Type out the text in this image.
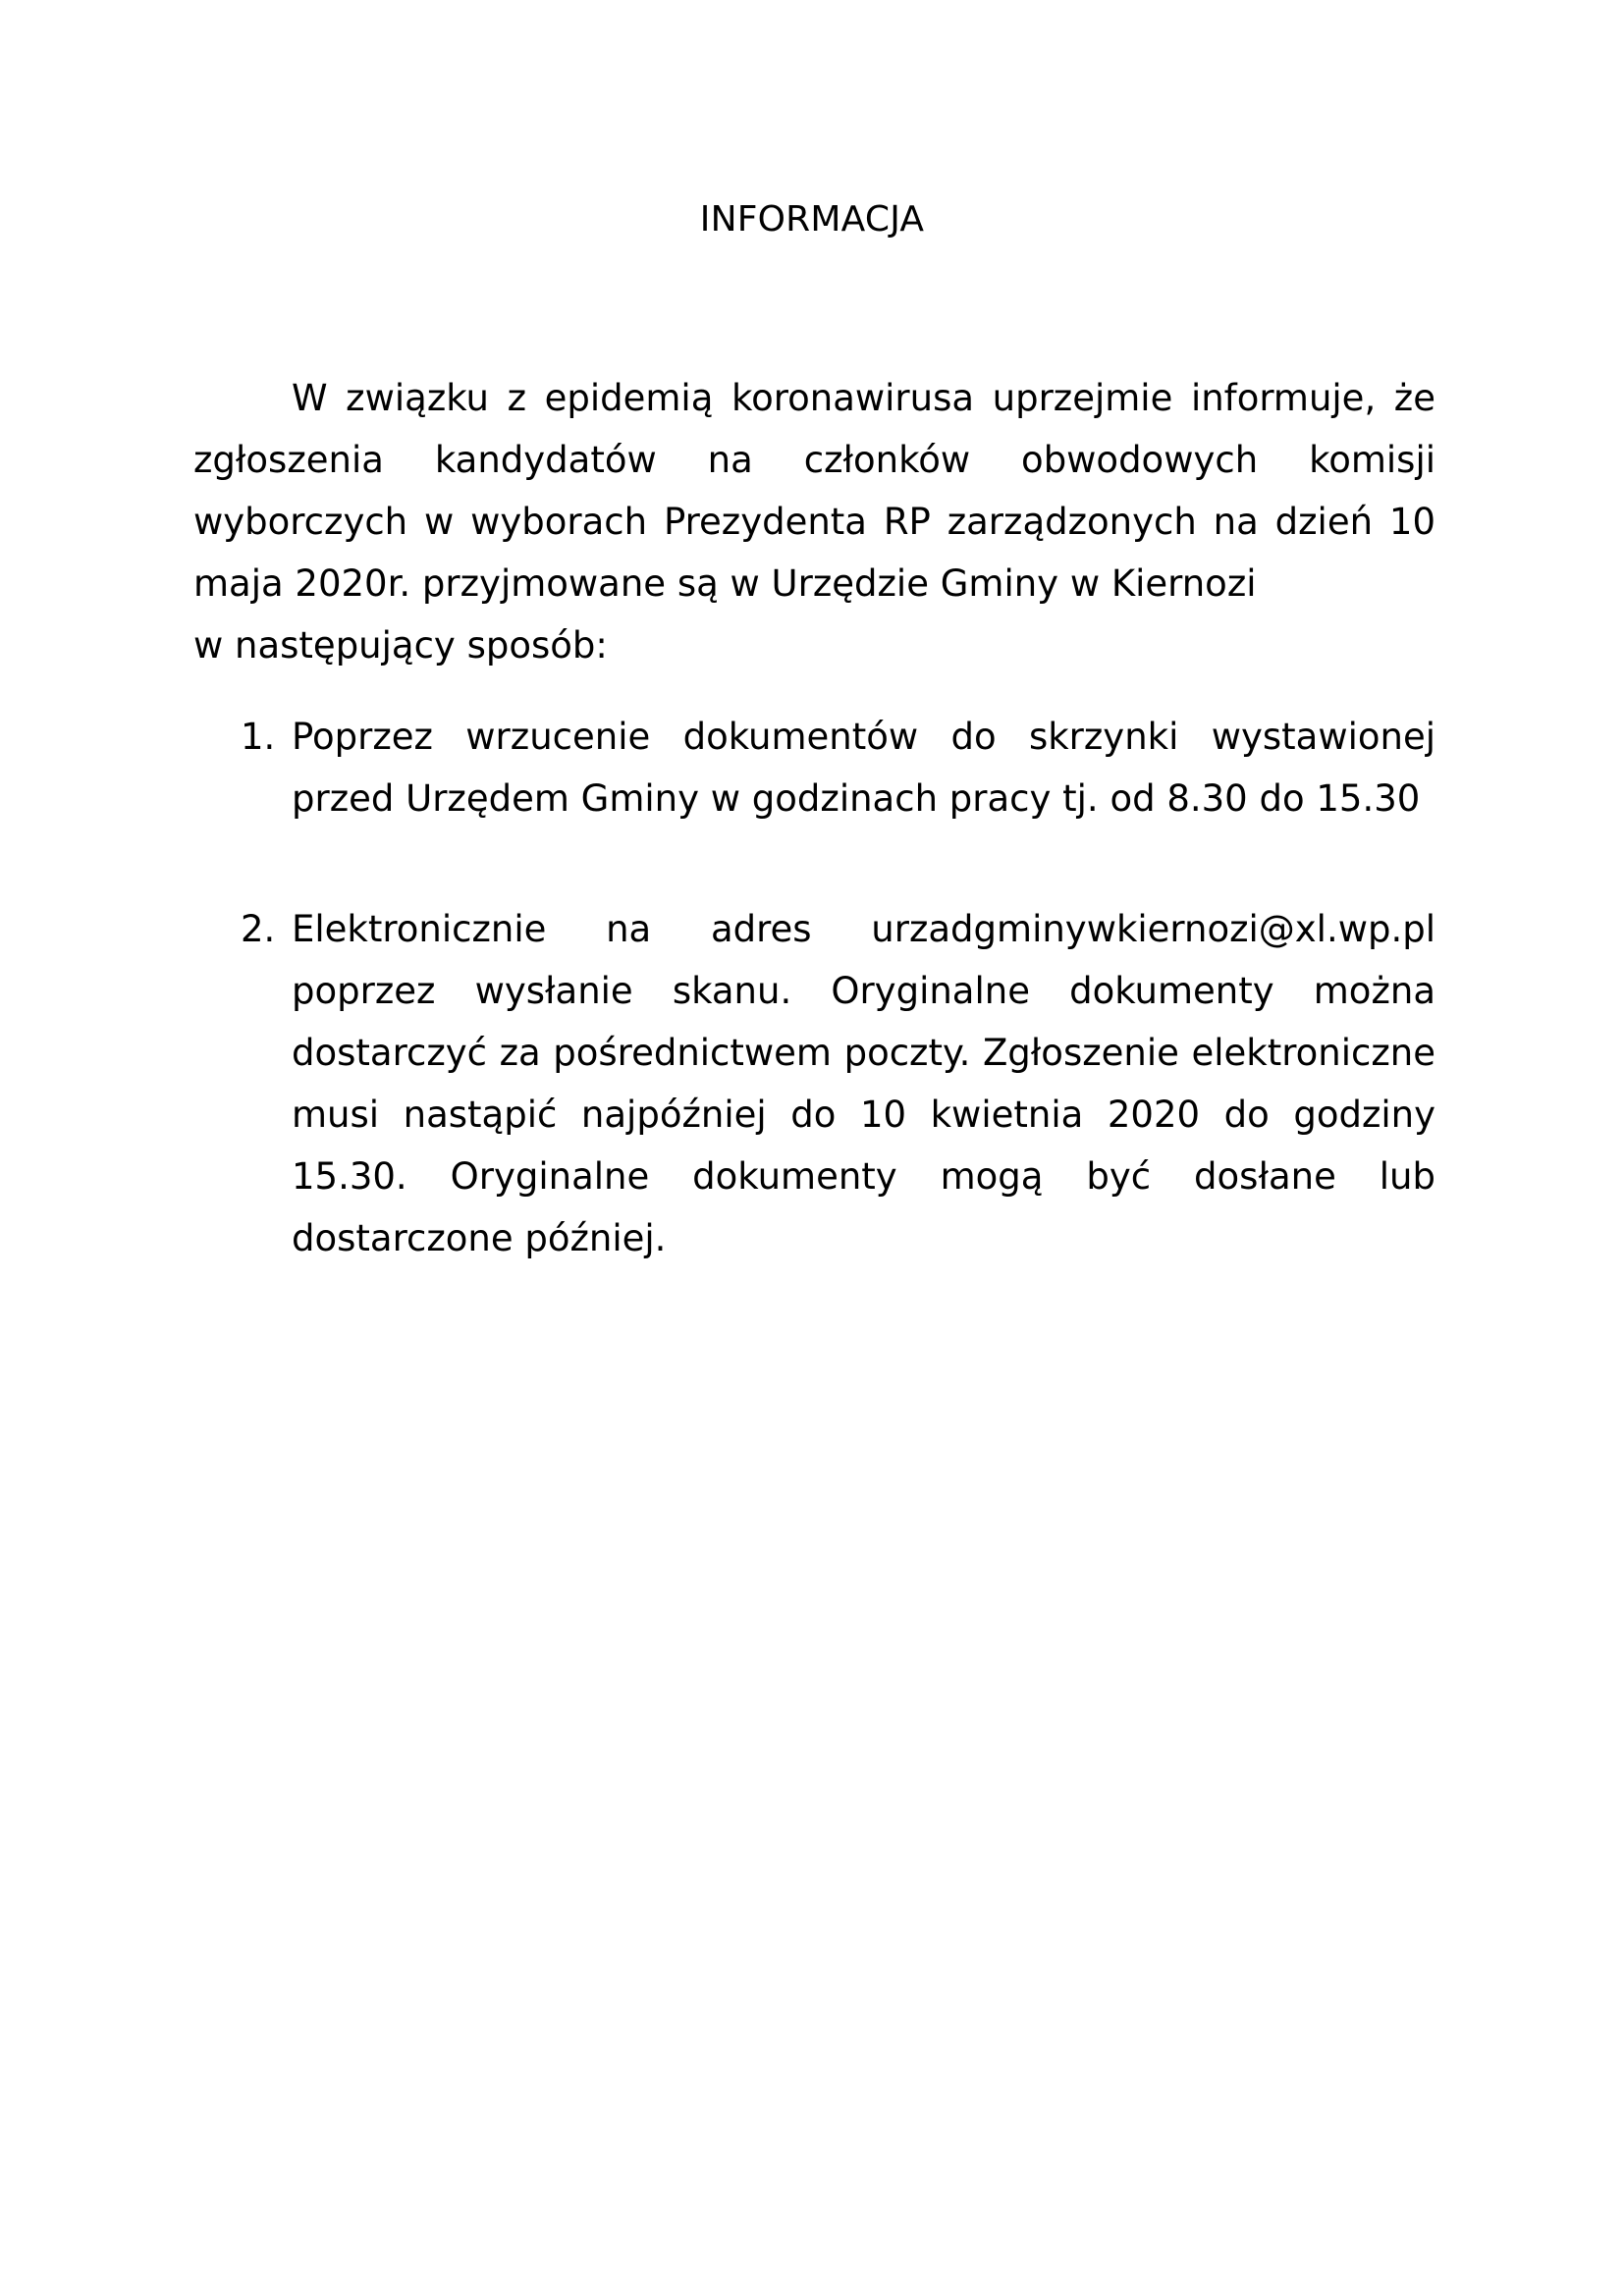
INFORMACJA

W związku z epidemią koronawirusa uprzejmie informuje, że zgłoszenia kandydatów na członków obwodowych komisji wyborczych w wyborach Prezydenta RP zarządzonych na dzień 10 maja 2020r. przyjmowane są w Urzędzie Gminy w Kiernozi
w następujący sposób:

1. Poprzez wrzucenie dokumentów do skrzynki wystawionej przed Urzędem Gminy w godzinach pracy tj. od 8.30 do 15.30
2. Elektronicznie na adres urzadgminywkiernozi@xl.wp.pl poprzez wysłanie skanu. Oryginalne dokumenty można dostarczyć za pośrednictwem poczty. Zgłoszenie elektroniczne musi nastąpić najpóźniej do 10 kwietnia 2020 do godziny 15.30. Oryginalne dokumenty mogą być dosłane lub dostarczone później.
